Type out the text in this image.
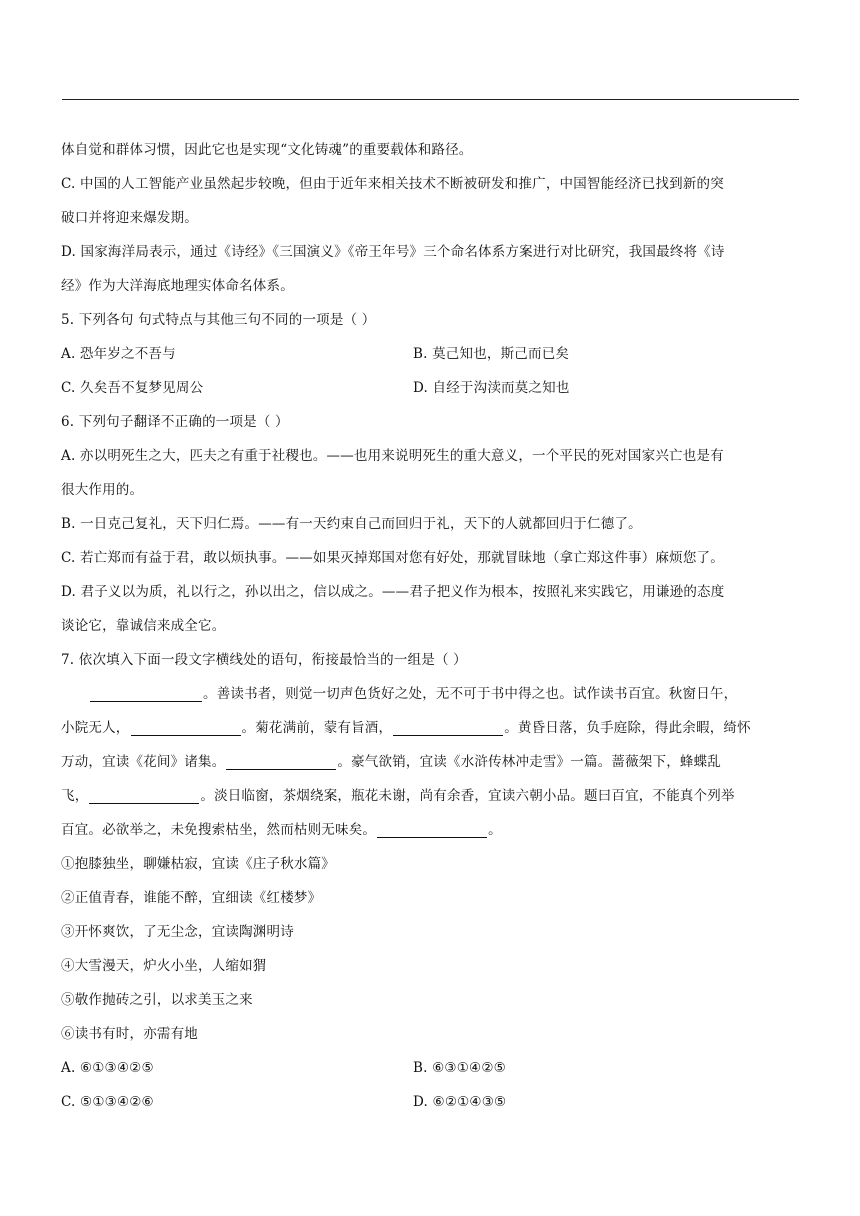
体自觉和群体习惯，因此它也是实现“文化铸魂”的重要载体和路径。
C. 中国的人工智能产业虽然起步较晚，但由于近年来相关技术不断被研发和推广，中国智能经济已找到新的突
破口并将迎来爆发期。
D. 国家海洋局表示，通过《诗经》《三国演义》《帝王年号》三个命名体系方案进行对比研究，我国最终将《诗
经》作为大洋海底地理实体命名体系。
5. 下列各句 句式特点与其他三句不同的一项是（ ）
A. 恐年岁之不吾与	B. 莫己知也，斯己而已矣
C. 久矣吾不复梦见周公	D. 自经于沟渎而莫之知也
6. 下列句子翻译不正确的一项是（ ）
A. 亦以明死生之大，匹夫之有重于社稷也。——也用来说明死生的重大意义，一个平民的死对国家兴亡也是有
很大作用的。
B. 一日克己复礼，天下归仁焉。——有一天约束自己而回归于礼，天下的人就都回归于仁德了。
C. 若亡郑而有益于君，敢以烦执事。——如果灭掉郑国对您有好处，那就冒昧地（拿亡郑这件事）麻烦您了。
D. 君子义以为质，礼以行之，孙以出之，信以成之。——君子把义作为根本，按照礼来实践它，用谦逊的态度
谈论它，靠诚信来成全它。
7. 依次填入下面一段文字横线处的语句，衔接最恰当的一组是（ ）
。善读书者，则觉一切声色货好之处，无不可于书中得之也。试作读书百宜。秋窗日午，
小院无人，	。菊花满前，蒙有旨酒，	。黄昏日落，负手庭除，得此余暇，绮怀
万动，宜读《花间》诸集。	。豪气欲销，宜读《水浒传林冲走雪》一篇。蔷薇架下，蜂蝶乱
飞，	。淡日临窗，茶烟绕案，瓶花未谢，尚有余香，宜读六朝小品。题曰百宜，不能真个列举
百宜。必欲举之，未免搜索枯坐，然而枯则无味矣。	。
①抱膝独坐，聊嫌枯寂，宜读《庄子秋水篇》
②正值青春，谁能不醉，宜细读《红楼梦》
③开怀爽饮，了无尘念，宜读陶渊明诗
④大雪漫天，炉火小坐，人缩如猬
⑤敬作抛砖之引，以求美玉之来
⑥读书有时，亦需有地
A. ⑥①③④②⑤	B. ⑥③①④②⑤
C. ⑤①③④②⑥	D. ⑥②①④③⑤
